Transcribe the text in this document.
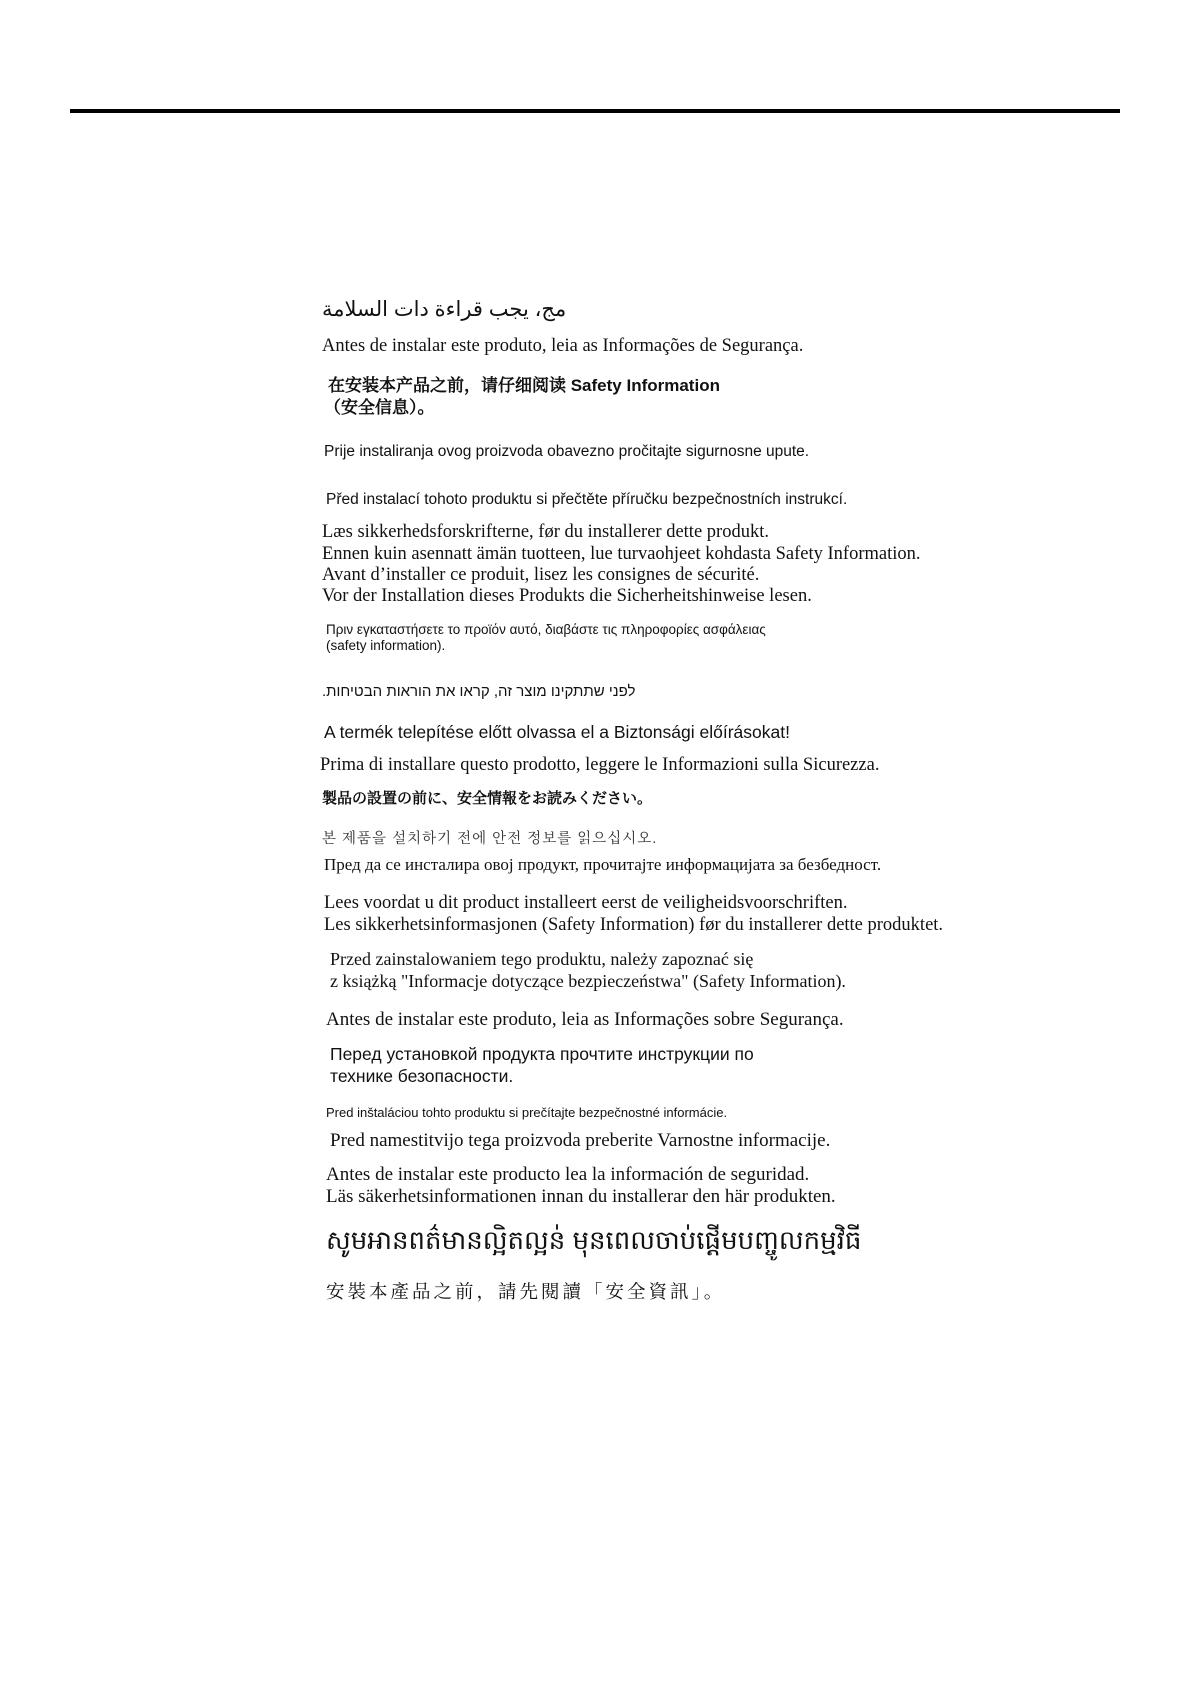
مج، يجب قراءة دات السلامة
Antes de instalar este produto, leia as Informações de Segurança.
在安装本产品之前，请仔细阅读 Safety Information
（安全信息）。
Prije instaliranja ovog proizvoda obavezno pročitajte sigurnosne upute.
Před instalací tohoto produktu si přečtěte příručku bezpečnostních instrukcí.
Læs sikkerhedsforskrifterne, før du installerer dette produkt.
Ennen kuin asennatt ämän tuotteen, lue turvaohjeet kohdasta Safety Information.
Avant d’installer ce produit, lisez les consignes de sécurité.
Vor der Installation dieses Produkts die Sicherheitshinweise lesen.
Πριν εγκαταστήσετε το προϊόν αυτό, διαβάστε τις πληροφορίες ασφάλειας
(safety information).
לפני שתתקינו מוצר זה, קראו את הוראות הבטיחות.
A termék telepítése előtt olvassa el a Biztonsági előírásokat!
Prima di installare questo prodotto, leggere le Informazioni sulla Sicurezza.
製品の設置の前に、安全情報をお読みください。
본 제품을 설치하기 전에 안전 정보를 읽으십시오.
Пред да се инсталира овој продукт, прочитајте информацијата за безбедност.
Lees voordat u dit product installeert eerst de veiligheidsvoorschriften.
Les sikkerhetsinformasjonen (Safety Information) før du installerer dette produktet.
Przed zainstalowaniem tego produktu, należy zapoznać się
z książką "Informacje dotyczące bezpieczeństwa" (Safety Information).
Antes de instalar este produto, leia as Informações sobre Segurança.
Перед установкой продукта прочтите инструкции по
технике безопасности.
Pred inštaláciou tohto produktu si prečítajte bezpečnostné informácie.
Pred namestitvijo tega proizvoda preberite Varnostne informacije.
Antes de instalar este producto lea la información de seguridad.
Läs säkerhetsinformationen innan du installerar den här produkten.
សូមអានពត៌មានល្អិតល្អន់ មុនពេលចាប់ផ្តើមបញ្ចូលកម្មវិធី
安裝本產品之前，請先閱讀「安全資訊」。
